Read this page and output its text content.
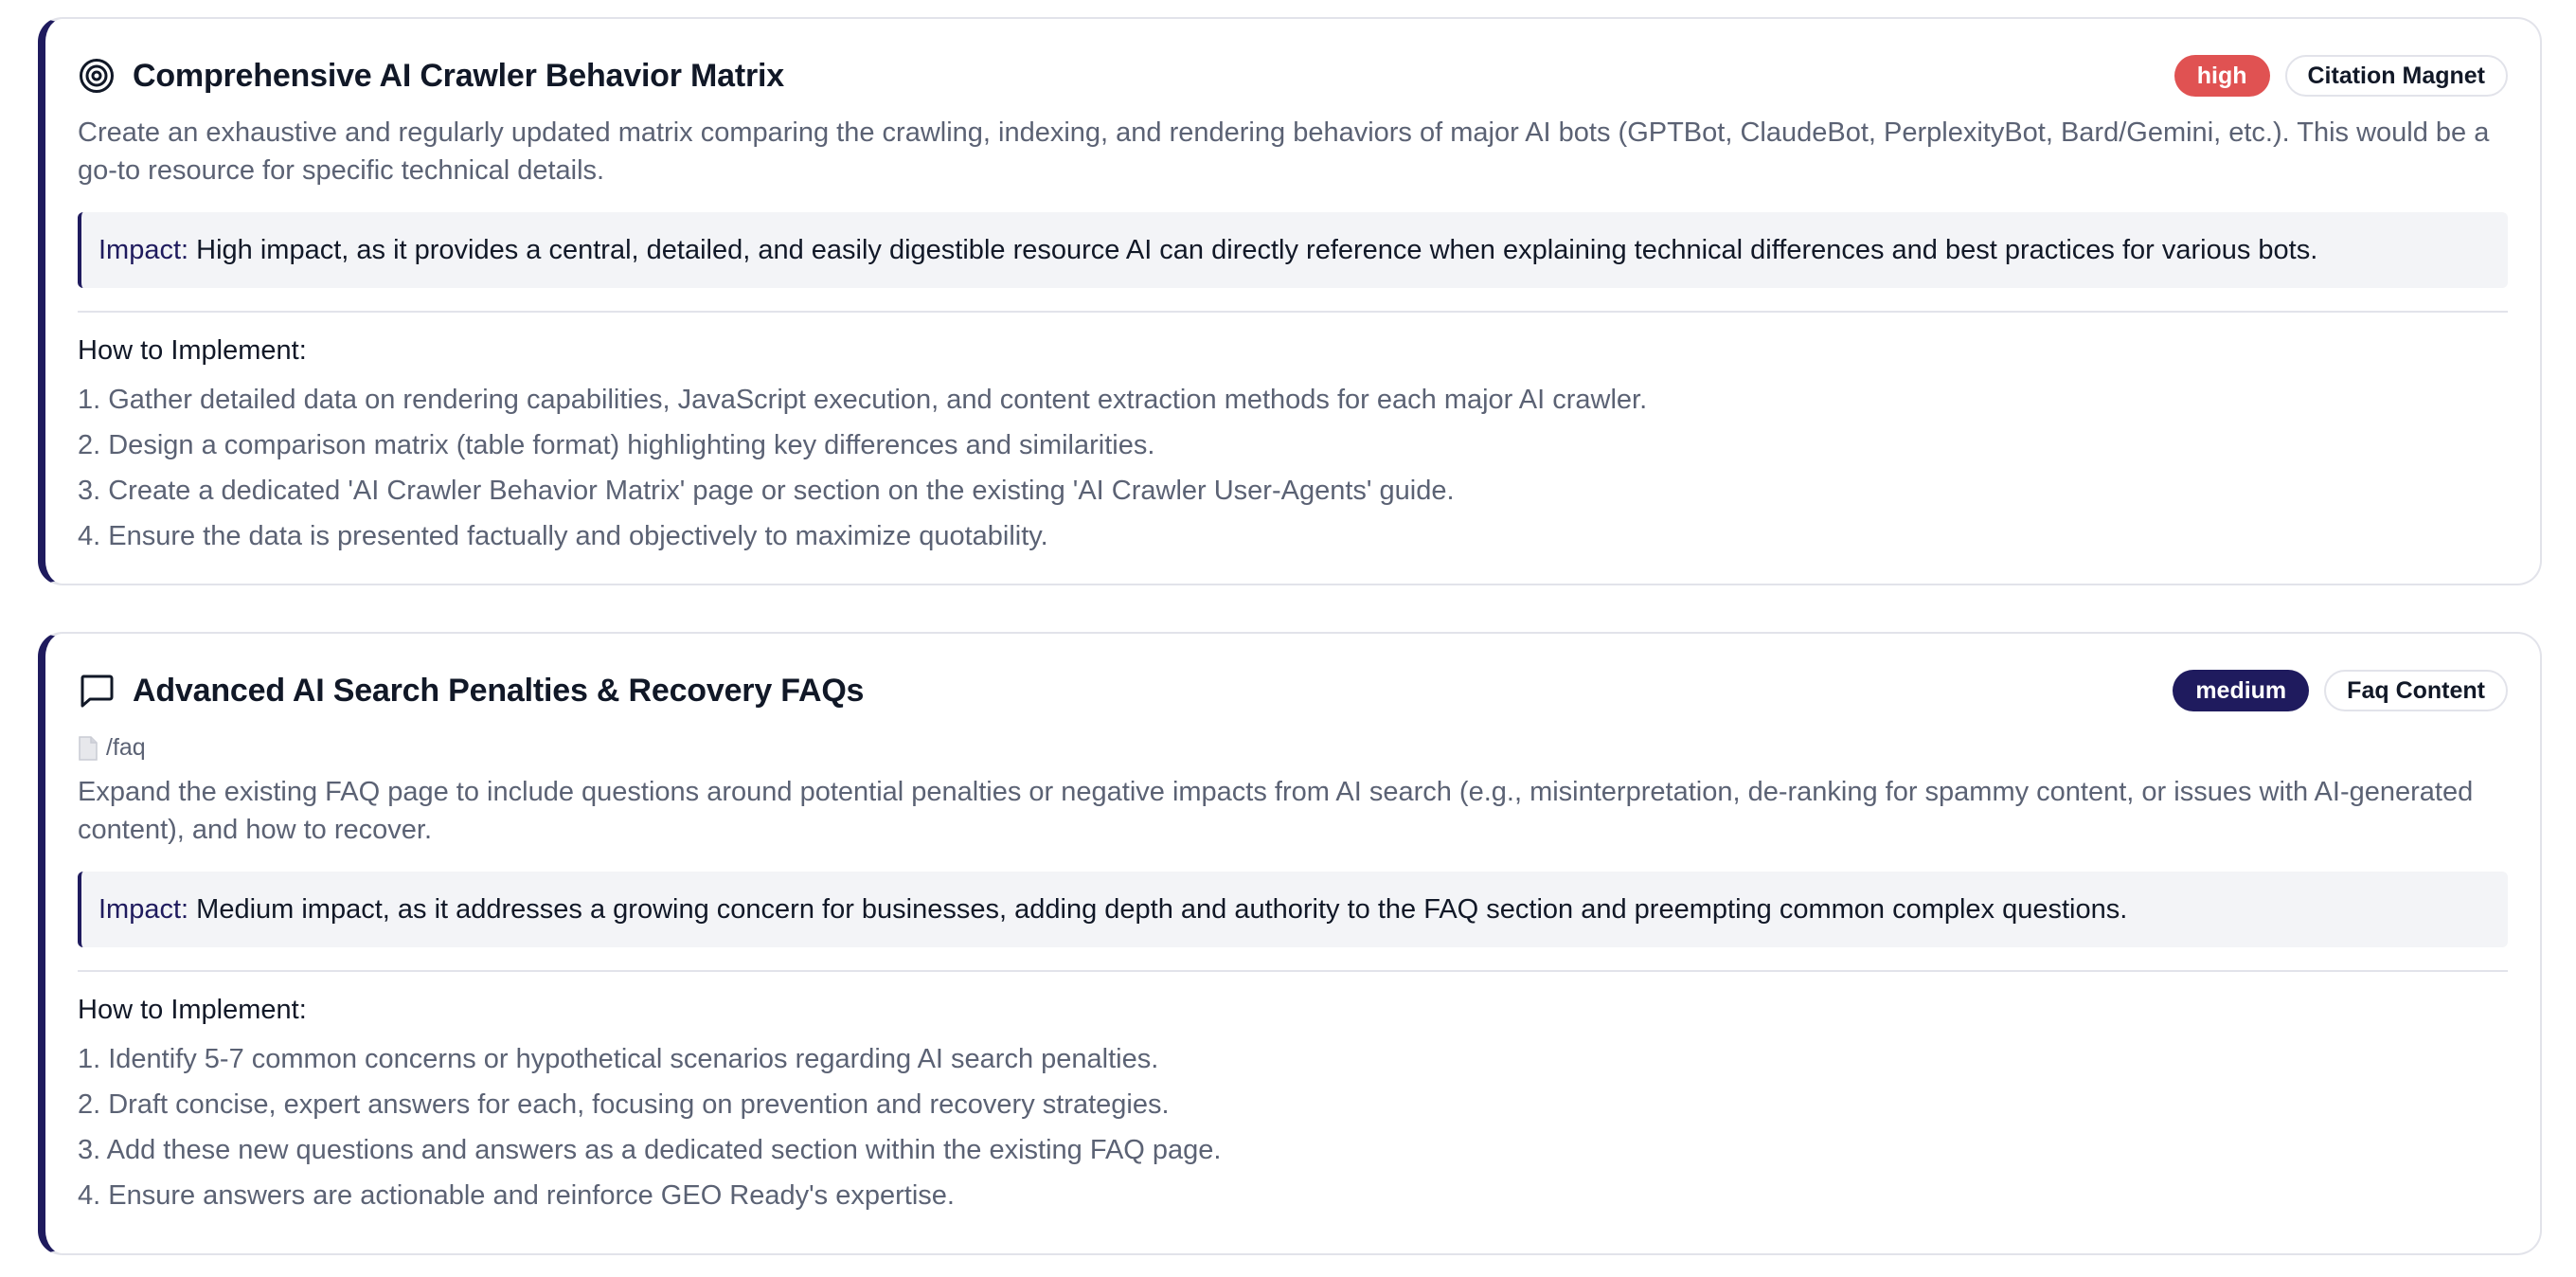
Comprehensive AI Crawler Behavior Matrix	high	Citation Magnet
Create an exhaustive and regularly updated matrix comparing the crawling, indexing, and rendering behaviors of major AI bots (GPTBot, ClaudeBot, PerplexityBot, Bard/Gemini, etc.). This would be a go-to resource for specific technical details.
Impact: High impact, as it provides a central, detailed, and easily digestible resource AI can directly reference when explaining technical differences and best practices for various bots.
How to Implement:
1. Gather detailed data on rendering capabilities, JavaScript execution, and content extraction methods for each major AI crawler.
2. Design a comparison matrix (table format) highlighting key differences and similarities.
3. Create a dedicated 'AI Crawler Behavior Matrix' page or section on the existing 'AI Crawler User-Agents' guide.
4. Ensure the data is presented factually and objectively to maximize quotability.
Advanced AI Search Penalties & Recovery FAQs	medium	Faq Content
/faq
Expand the existing FAQ page to include questions around potential penalties or negative impacts from AI search (e.g., misinterpretation, de-ranking for spammy content, or issues with AI-generated content), and how to recover.
Impact: Medium impact, as it addresses a growing concern for businesses, adding depth and authority to the FAQ section and preempting common complex questions.
How to Implement:
1. Identify 5-7 common concerns or hypothetical scenarios regarding AI search penalties.
2. Draft concise, expert answers for each, focusing on prevention and recovery strategies.
3. Add these new questions and answers as a dedicated section within the existing FAQ page.
4. Ensure answers are actionable and reinforce GEO Ready's expertise.
